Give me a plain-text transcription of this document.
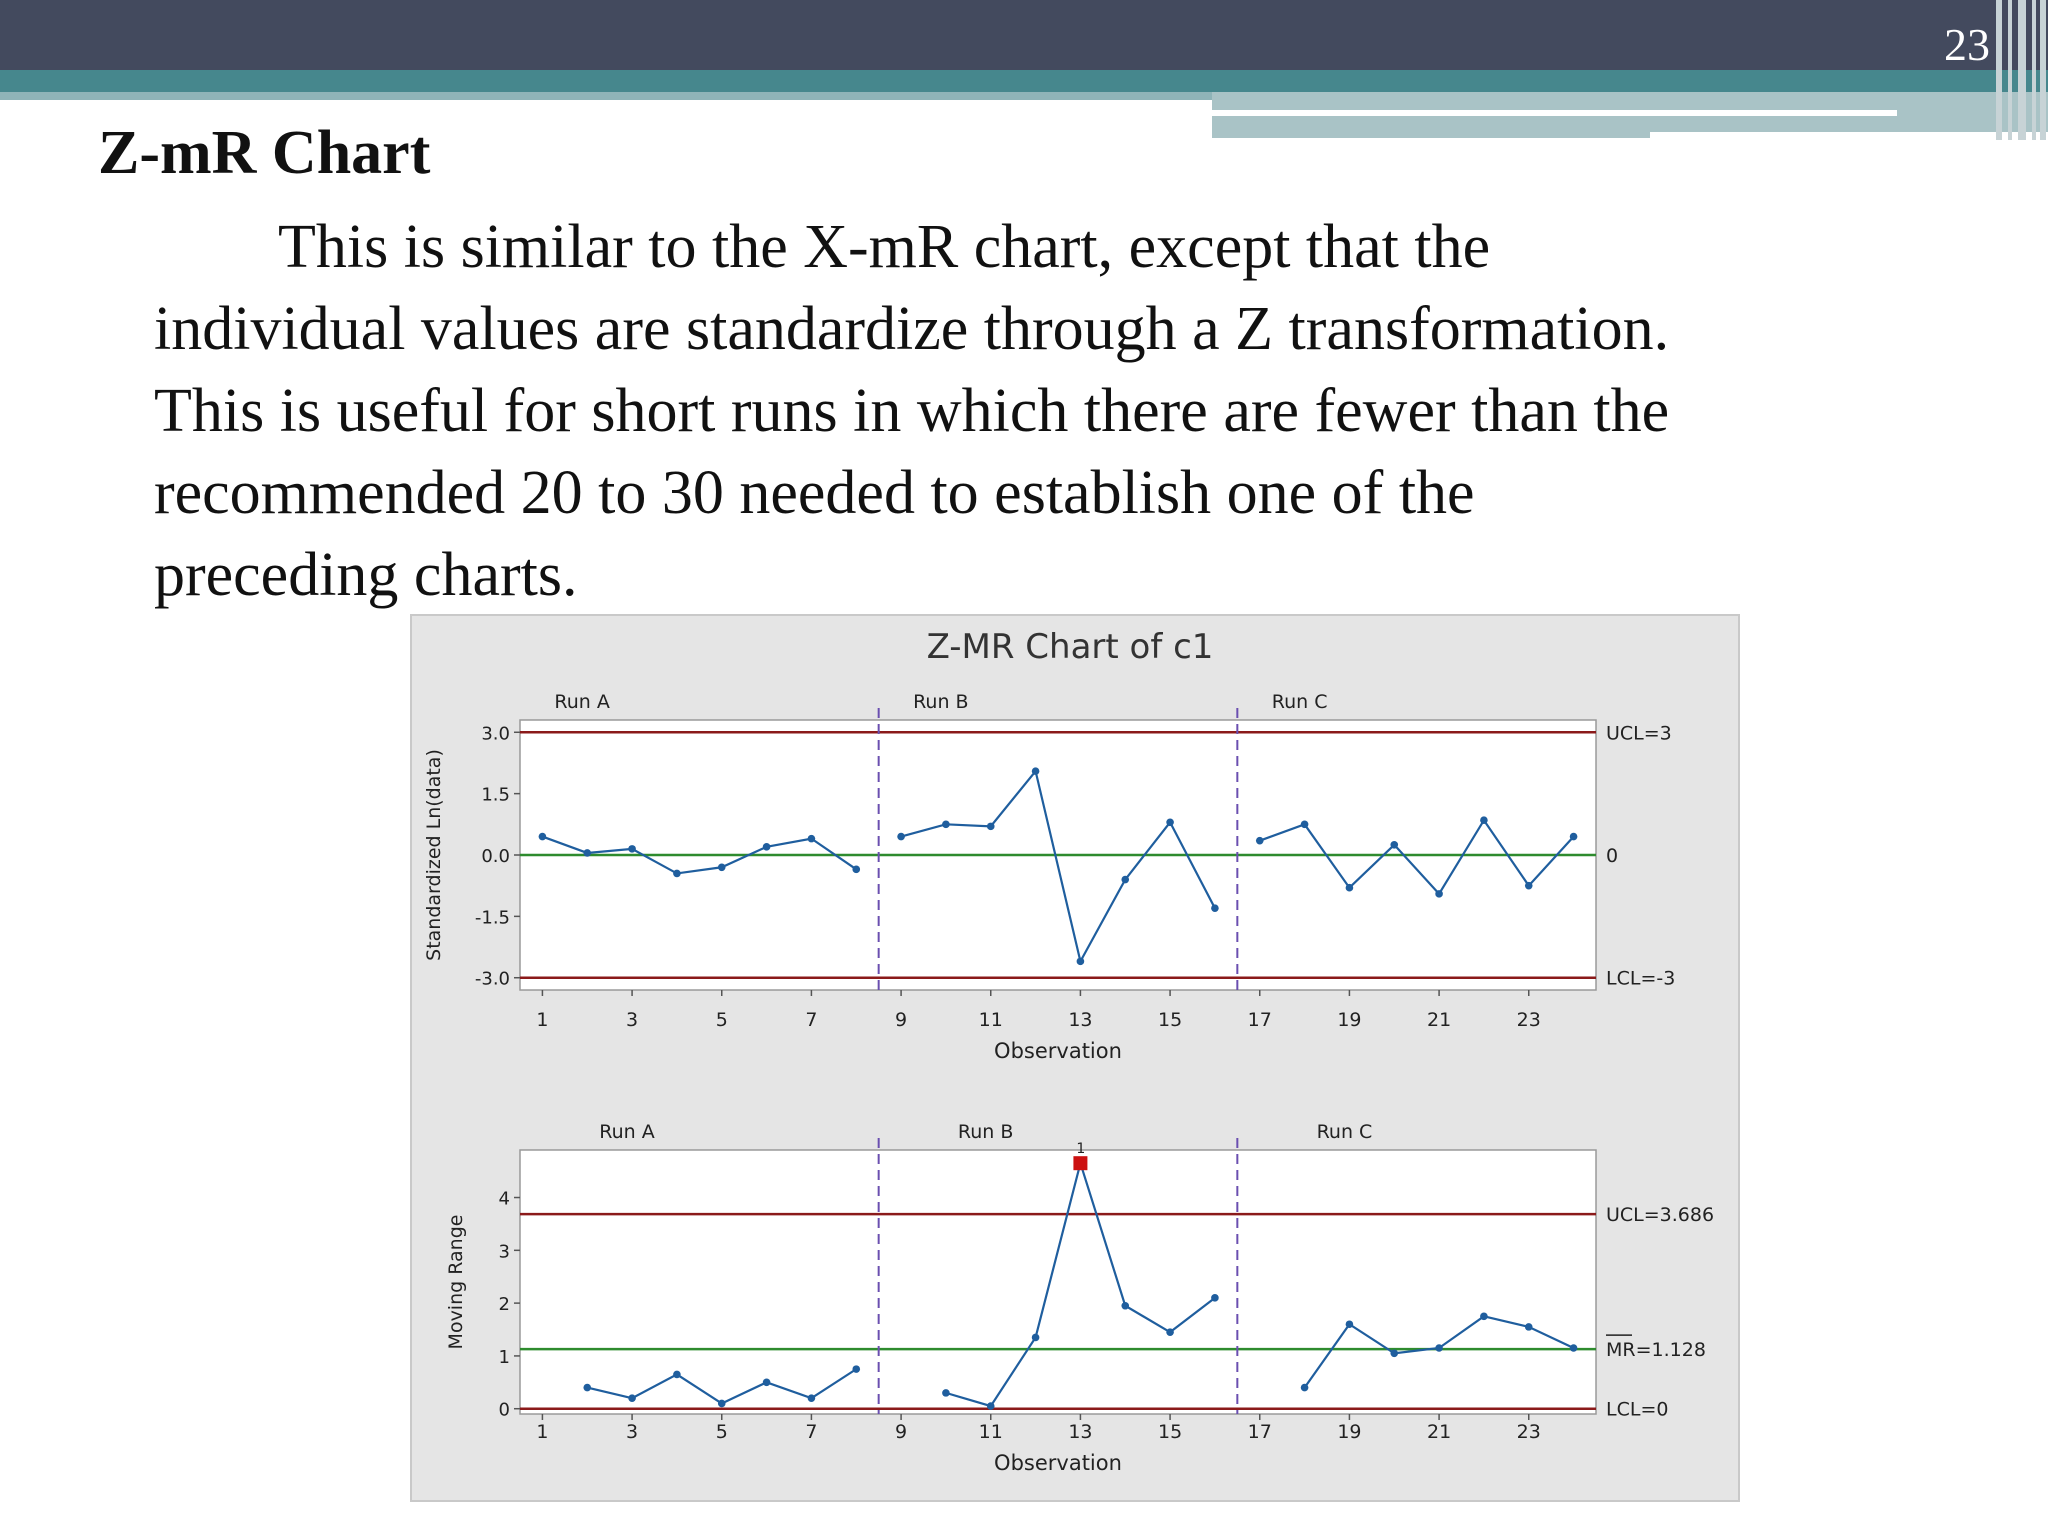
23
Z-mR Chart
This is similar to the X-mR chart, except that the
individual values are standardize through a Z transformation.
This is useful for short runs in which there are fewer than the
recommended 20 to 30 needed to establish one of the
preceding charts.
Z-MR Chart of c1
3.0
1.5
0.0
-1.5
-3.0
1	3	5	7	9	11	13	15	17	19	21	23
Observation
Standardized Ln(data)
UCL=3
0
LCL=-3
Run A	Run B	Run C
4
3
2
1
0
1	3	5	7	9	11	13	15	17	19	21	23
Observation
Moving Range	UCL=3.686
MR=1.128
LCL=0
Run A	Run B	Run C
1
